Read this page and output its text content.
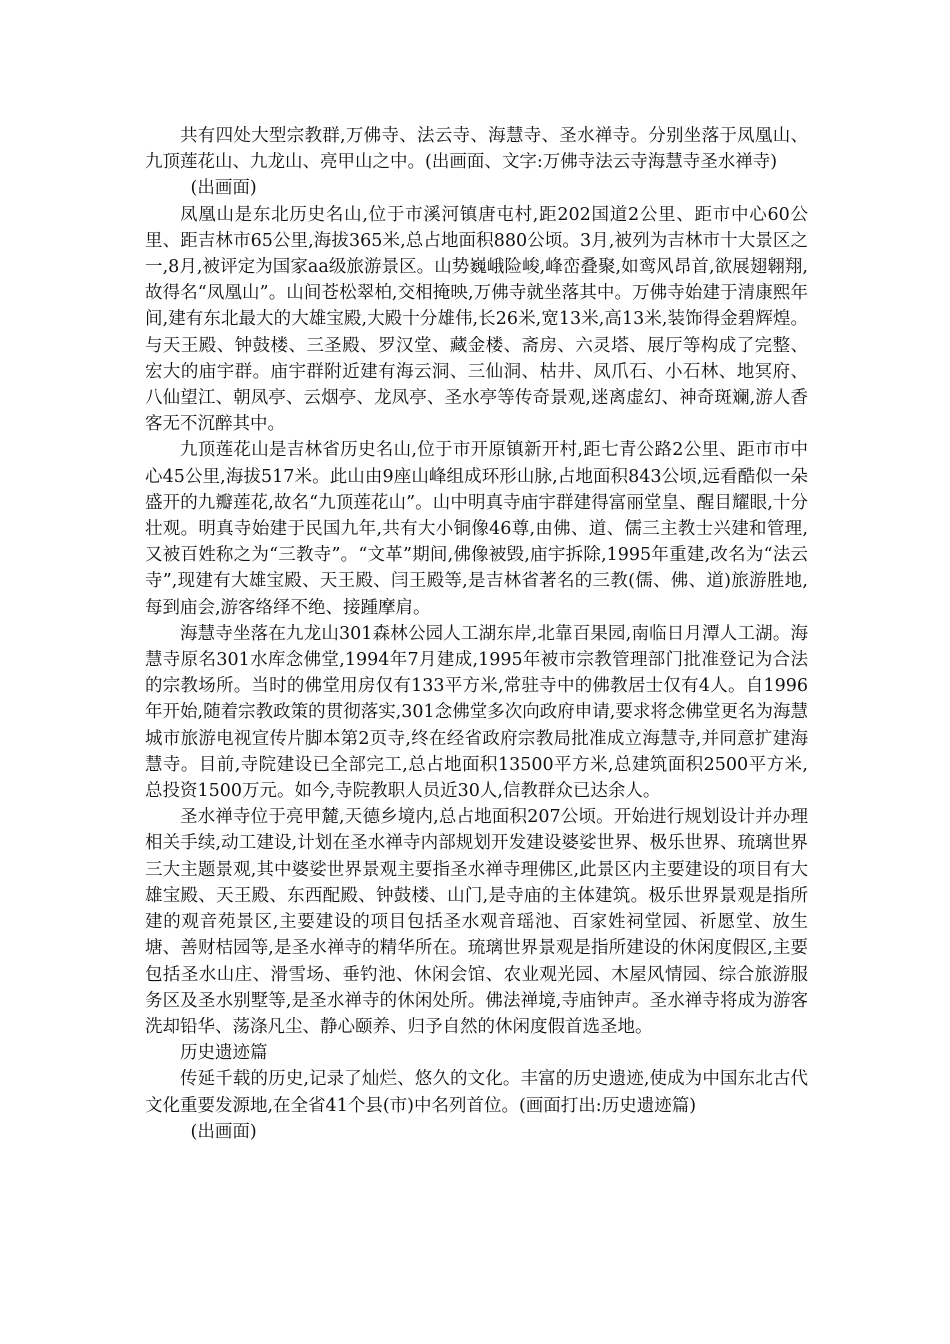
共有四处大型宗教群,万佛寺、法云寺、海慧寺、圣水禅寺。分别坐落于凤凰山、九顶莲花山、九龙山、亮甲山之中。(出画面、文字:万佛寺法云寺海慧寺圣水禅寺)

(出画面)

凤凰山是东北历史名山,位于市溪河镇唐屯村,距202国道2公里、距市中心60公里、距吉林市65公里,海拔365米,总占地面积880公顷。3月,被列为吉林市十大景区之一,8月,被评定为国家aa级旅游景区。山势巍峨险峻,峰峦叠聚,如鸾风昂首,欲展翅翱翔,故得名“凤凰山”。山间苍松翠柏,交相掩映,万佛寺就坐落其中。万佛寺始建于清康熙年间,建有东北最大的大雄宝殿,大殿十分雄伟,长26米,宽13米,高13米,装饰得金碧辉煌。与天王殿、钟鼓楼、三圣殿、罗汉堂、藏金楼、斋房、六灵塔、展厅等构成了完整、宏大的庙宇群。庙宇群附近建有海云洞、三仙洞、枯井、凤爪石、小石林、地冥府、八仙望江、朝凤亭、云烟亭、龙凤亭、圣水亭等传奇景观,迷离虚幻、神奇斑斓,游人香客无不沉醉其中。

九顶莲花山是吉林省历史名山,位于市开原镇新开村,距七青公路2公里、距市市中心45公里,海拔517米。此山由9座山峰组成环形山脉,占地面积843公顷,远看酷似一朵盛开的九瓣莲花,故名“九顶莲花山”。山中明真寺庙宇群建得富丽堂皇、醒目耀眼,十分壮观。明真寺始建于民国九年,共有大小铜像46尊,由佛、道、儒三主教士兴建和管理,又被百姓称之为“三教寺”。“文革”期间,佛像被毁,庙宇拆除,1995年重建,改名为“法云寺”,现建有大雄宝殿、天王殿、闫王殿等,是吉林省著名的三教(儒、佛、道)旅游胜地,每到庙会,游客络绎不绝、接踵摩肩。

海慧寺坐落在九龙山301森林公园人工湖东岸,北靠百果园,南临日月潭人工湖。海慧寺原名301水库念佛堂,1994年7月建成,1995年被市宗教管理部门批准登记为合法的宗教场所。当时的佛堂用房仅有133平方米,常驻寺中的佛教居士仅有4人。自1996年开始,随着宗教政策的贯彻落实,301念佛堂多次向政府申请,要求将念佛堂更名为海慧城市旅游电视宣传片脚本第2页寺,终在经省政府宗教局批准成立海慧寺,并同意扩建海慧寺。目前,寺院建设已全部完工,总占地面积13500平方米,总建筑面积2500平方米,总投资1500万元。如今,寺院教职人员近30人,信教群众已达余人。

圣水禅寺位于亮甲麓,天德乡境内,总占地面积207公顷。开始进行规划设计并办理相关手续,动工建设,计划在圣水禅寺内部规划开发建设婆娑世界、极乐世界、琉璃世界三大主题景观,其中婆娑世界景观主要指圣水禅寺理佛区,此景区内主要建设的项目有大雄宝殿、天王殿、东西配殿、钟鼓楼、山门,是寺庙的主体建筑。极乐世界景观是指所建的观音苑景区,主要建设的项目包括圣水观音瑶池、百家姓祠堂园、祈愿堂、放生塘、善财桔园等,是圣水禅寺的精华所在。琉璃世界景观是指所建设的休闲度假区,主要包括圣水山庄、滑雪场、垂钓池、休闲会馆、农业观光园、木屋风情园、综合旅游服务区及圣水别墅等,是圣水禅寺的休闲处所。佛法禅境,寺庙钟声。圣水禅寺将成为游客洗却铅华、荡涤凡尘、静心颐养、归予自然的休闲度假首选圣地。

历史遗迹篇

传延千载的历史,记录了灿烂、悠久的文化。丰富的历史遗迹,使成为中国东北古代文化重要发源地,在全省41个县(市)中名列首位。(画面打出:历史遗迹篇)

(出画面)
